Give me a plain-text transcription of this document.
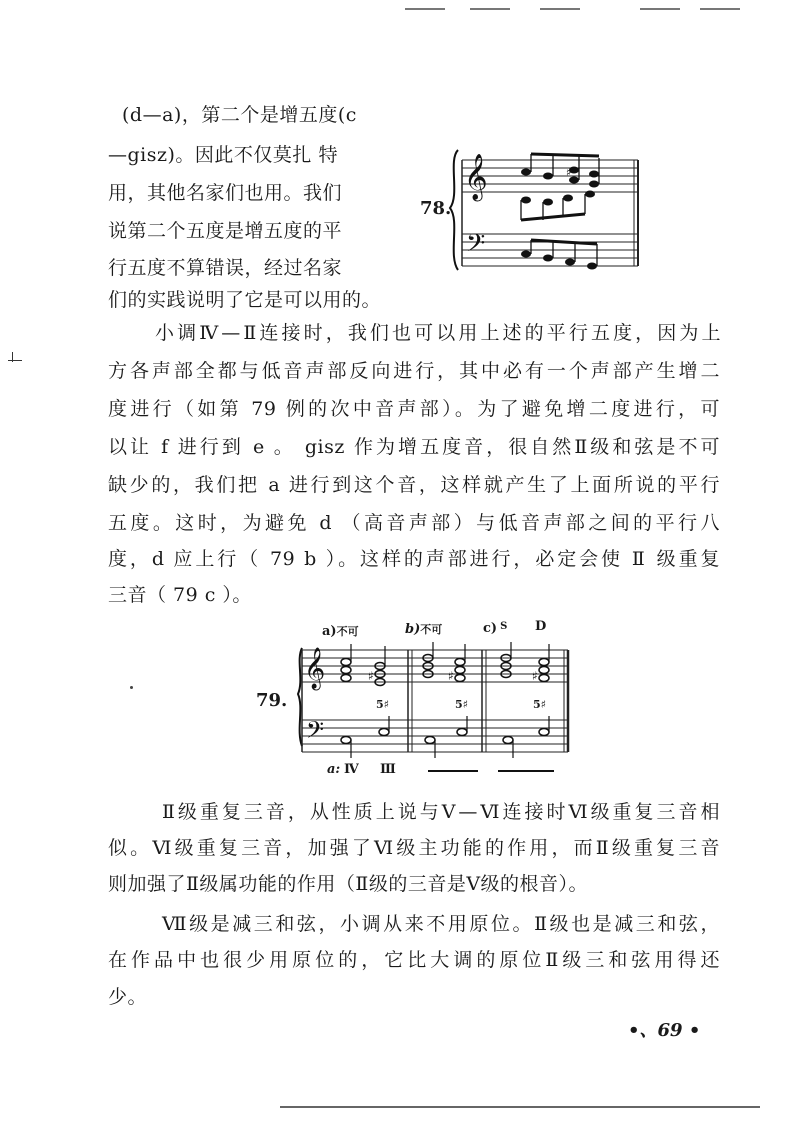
(d—a)，第二个是增五度(c
—gisz)。因此不仅莫扎 特
用，其他名家们也用。我们
说第二个五度是增五度的平
行五度不算错误，经过名家
们的实践说明了它是可以用的。
78.
𝄞
𝄢
♯
小调Ⅳ—Ⅱ连接时，我们也可以用上述的平行五度，因为上
方各声部全都与低音声部反向进行，其中必有一个声部产生增二
度进行（如第 79 例的次中音声部）。为了避免增二度进行，可
以让 f 进行到 e 。 gisz 作为增五度音，很自然Ⅱ级和弦是不可
缺少的，我们把 a 进行到这个音，这样就产生了上面所说的平行
五度。这时，为避免 d （高音声部）与低音声部之间的平行八
度，d 应上行（ 79 b ）。这样的声部进行，必定会使 Ⅱ 级重复
三音（ 79 c ）。
a)不可	b)不可	c) $^S$ D
79.
𝄞
𝄢
♯	♯	♯
5♯	5♯	5♯
a: Ⅳ Ⅲ
Ⅱ级重复三音，从性质上说与Ⅴ—Ⅵ连接时Ⅵ级重复三音相
似。Ⅵ级重复三音，加强了Ⅵ级主功能的作用，而Ⅱ级重复三音
则加强了Ⅱ级属功能的作用（Ⅱ级的三音是Ⅴ级的根音）。
Ⅶ级是减三和弦，小调从来不用原位。Ⅱ级也是减三和弦，
在作品中也很少用原位的，它比大调的原位Ⅱ级三和弦用得还
少。
•、69 •
